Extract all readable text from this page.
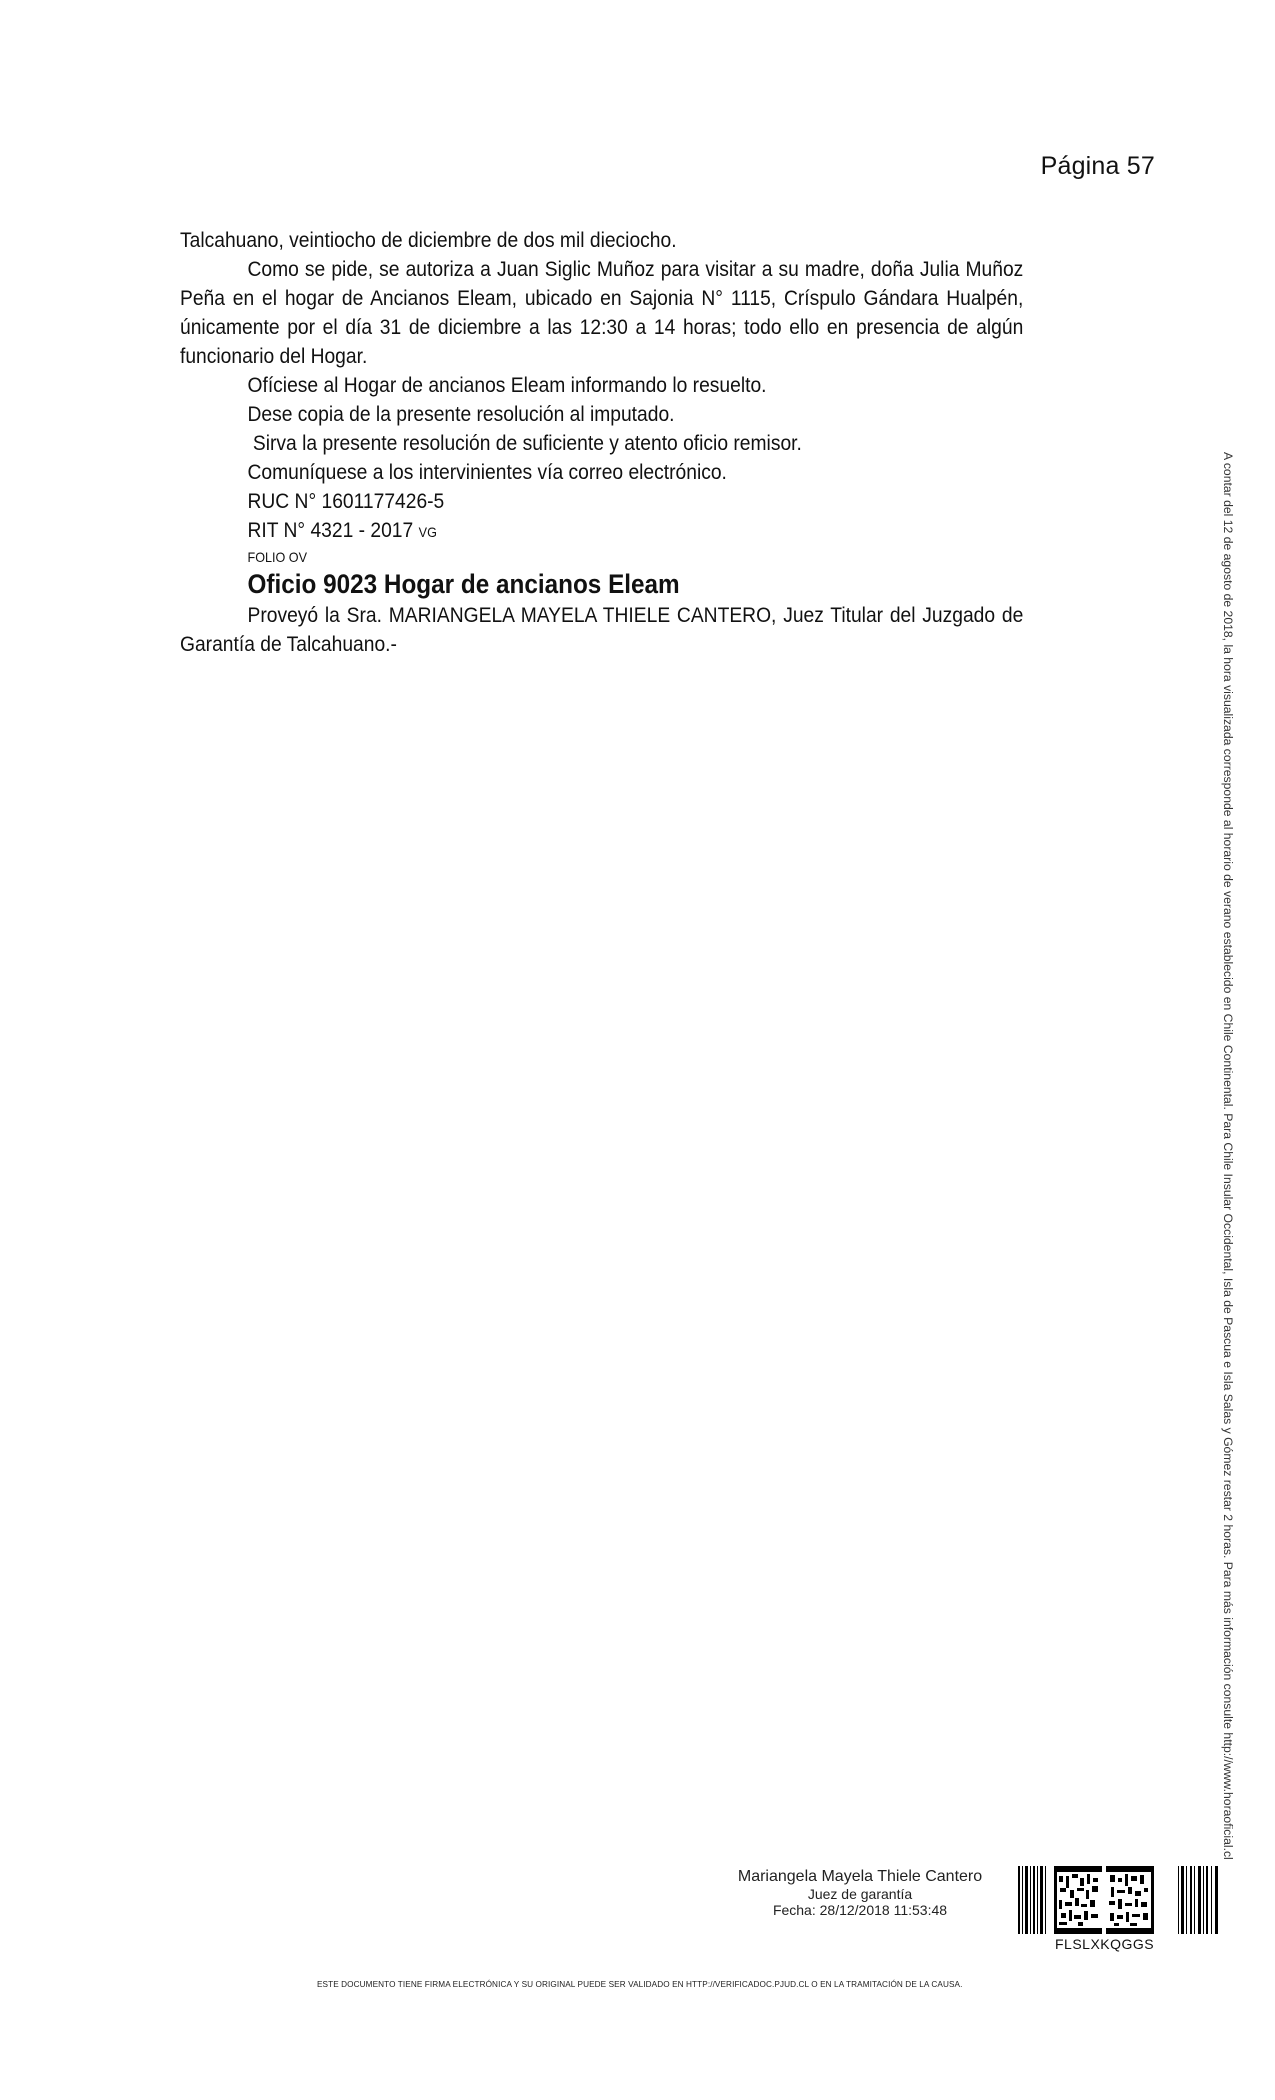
Página 57

Talcahuano, veintiocho de diciembre de dos mil dieciocho.

Como se pide, se autoriza a Juan Siglic Muñoz para visitar a su madre, doña Julia Muñoz Peña en el hogar de Ancianos Eleam, ubicado en Sajonia N° 1115, Críspulo Gándara Hualpén, únicamente por el día 31 de diciembre a las 12:30 a 14 horas; todo ello en presencia de algún funcionario del Hogar.

Ofíciese al Hogar de ancianos Eleam informando lo resuelto.

Dese copia de la presente resolución al imputado.

Sirva la presente resolución de suficiente y atento oficio remisor.

Comuníquese a los intervinientes vía correo electrónico.

RUC N° 1601177426-5

RIT N° 4321 - 2017 VG

FOLIO OV

Oficio 9023 Hogar de ancianos Eleam

Proveyó la Sra. MARIANGELA MAYELA THIELE CANTERO, Juez Titular del Juzgado de Garantía de Talcahuano.-	A contar del 12 de agosto de 2018, la hora visualizada corresponde al horario de verano establecido en Chile Continental. Para Chile Insular Occidental, Isla de Pascua e Isla Salas y Gómez restar 2 horas. Para más información consulte http://www.horaoficial.cl
Mariangela Mayela Thiele Cantero
Juez de garantía
Fecha: 28/12/2018 11:53:48
FLSLXKQGGS
ESTE DOCUMENTO TIENE FIRMA ELECTRÓNICA Y SU ORIGINAL PUEDE SER VALIDADO EN HTTP://VERIFICADOC.PJUD.CL O EN LA TRAMITACIÓN DE LA CAUSA.
